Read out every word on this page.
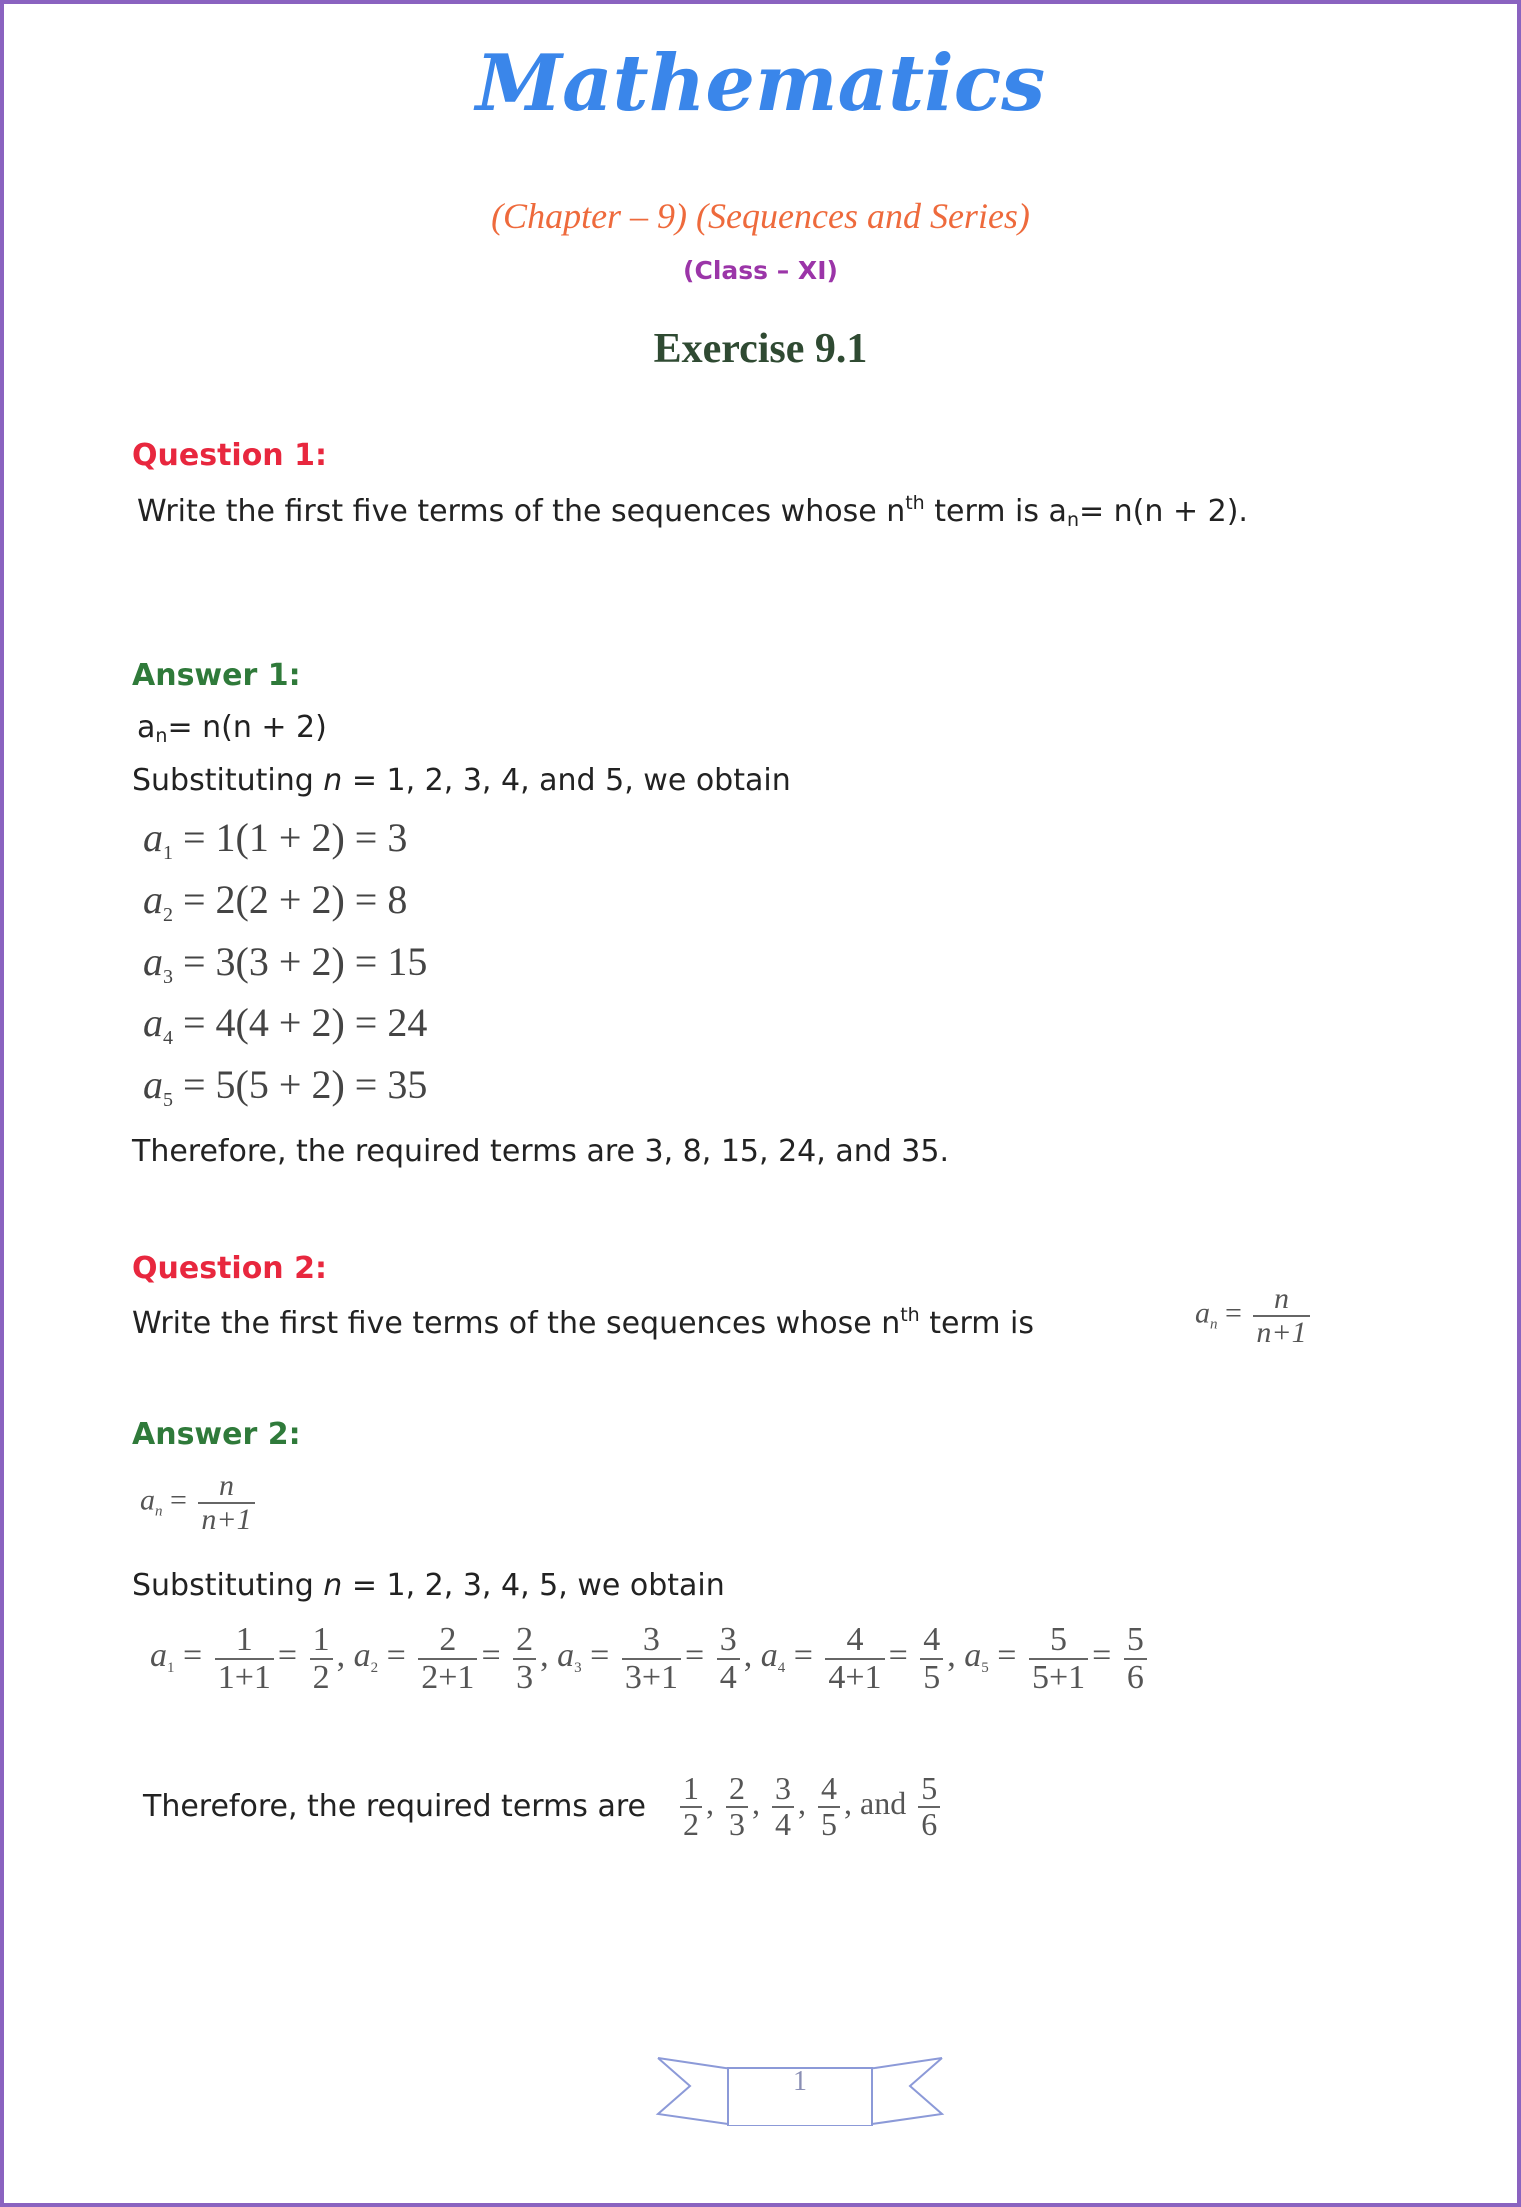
Mathematics
(Chapter – 9) (Sequences and Series)
(Class – XI)
Exercise 9.1
Question 1:
Write the first five terms of the sequences whose $n^{th}$ term is $a_n= n(n + 2)$.
Answer 1:
$a_n= n(n + 2)$
Substituting n = 1, 2, 3, 4, and 5, we obtain
$a_1 = 1(1 + 2) = 3$
$a_2 = 2(2 + 2) = 8$
$a_3 = 3(3 + 2) = 15$
$a_4 = 4(4 + 2) = 24$
$a_5 = 5(5 + 2) = 35$
Therefore, the required terms are 3, 8, 15, 24, and 35.
Question 2:
Write the first five terms of the sequences whose $n^{th}$ term is	$a_n = \frac{n}{n+1}$
Answer 2:
$a_n = \frac{n}{n+1}$
Substituting n = 1, 2, 3, 4, 5, we obtain
$a_1 = \frac{1}{1+1} = \frac{1}{2}$ , $a_2 = \frac{2}{2+1} = \frac{2}{3}$ , $a_3 = \frac{3}{3+1} = \frac{3}{4}$ , $a_4 = \frac{4}{4+1} = \frac{4}{5}$ , $a_5 = \frac{5}{5+1} = \frac{5}{6}$
Therefore, the required terms are $\frac{1}{2}$ , $\frac{2}{3}$ , $\frac{3}{4}$ , $\frac{4}{5}$ , and $\frac{5}{6}$
1
